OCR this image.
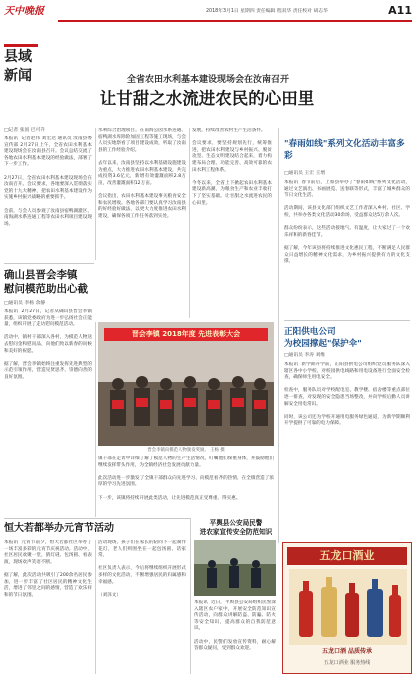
天中晚报	2018年3月1日 星期四 责任编辑 程双华 责任校对 胡志华	A11
县域
新闻	全省农田水利基本建设现场会在汝南召开
让甘甜之水流进农民的心田里
□记者 张国 巴可升
本报讯  记者赵伟 刘宏达 通讯员 汝南县委宣传部 2月27日上午，全省农田水利基本建设现场会在汝南县召开。会议总结交流了各地农田水利基本建设的经验做法，部署了下一步工作。

2月27日，全省农田水利基本建设现场会在汝南召开。会议要求，各地要深入贯彻落实党的十九大精神，把农田水利基本建设作为实施乡村振兴战略的重要抓手。

会前，与会人员参观了汝南县宿鸭湖灌区、南海湖水系连通工程等农田水利项目建设现场。
水利综合治理项目。在南海公园水系连通、宿鸭湖水库除险加固工程等施工现场，与会人员实地察看了项目建设成效，听取了汝南县的工作经验介绍。

去年以来，汝南县坚持以水利基础设施建设为重点，大力推进农田水利基本建设，共完成投资3.6亿元，新增有效灌溉面积2.8万亩，改善灌溉面积12万亩。

会议指出，农田水利基本建设事关粮食安全和农民增收。各地各部门要认真学习汝南县的好经验好做法，以更大力度推进农田水利建设，确保各项工作任务落到实处。
发展，持续改善农村生产生活条件。

会议要求，要坚持规划先行，统筹推进，把农田水利建设与乡村振兴、脱贫攻坚、生态文明建设结合起来，着力构建布局合理、功能完善、高效可靠的农田水利工程体系。

今冬以来，全省上下掀起农田水利基本建设新高潮，为粮食生产和农业丰收打下了坚实基础。让甘甜之水流进农民的心田里。
确山县晋会李镇
慰问模范助出心截
□通讯员 李杨 余静
本报讯  2月27日，记者从确山县晋会李镇获悉，该镇党委政府为进一步弘扬社会正能量，组织开展了走访慰问模范活动。

活动中，镇村干部深入各村，为模范人物送去慰问金和慰问品，向他们致以新春的问候和美好的祝愿。

据了解，晋会李镇始终注重发挥先进典型的示范引领作用，营造见贤思齐、崇德向善的良好氛围。
晋会李镇 2018年度 先进表彰大会
晋会李镇向模范人物颁发奖励。 王杨 摄
镇干部在走访中详细了解了模范人物的生产生活情况，叮嘱他们保重身体，并鼓励他们继续发挥带头作用，为全镇经济社会发展贡献力量。

此次活动进一步激发了全镇干部群众向先进学习、向模范看齐的热情，在全镇营造了浓厚的学习先进氛围。

下一步，该镇将持续开展此类活动，让先进模范真正受尊重、得实惠。
恒大若都举办元宵节活动
本报讯  元宵节前夕，恒大若都社区举办了一场丰富多彩的元宵节庆祝活动。活动中，社区居民欢聚一堂，猜灯谜、包汤圆、看表演，现场欢声笑语不断。

据了解，此次活动共吸引了200余名居民参加，进一步丰富了社区居民的精神文化生活，增进了邻里之间的感情，营造了欢乐祥和的节日氛围。
活动现场，孩子们在家长的陪同下一起制作花灯，老人们则围坐在一起包汤圆、话家常。

社区负责人表示，今后将继续组织开展形式多样的文化活动，不断增强居民的归属感和幸福感。

（刘泽文）
平舆县公安局民警
进农家宣传安全防范知识
本报讯  近日，平舆县公安局组织民警深入辖区农户家中，开展安全防范知识宣传活动，向群众讲解防盗、防骗、防火等安全知识，提高群众的自我防范意识。

活动中，民警们发放宣传资料，耐心解答群众疑问，受到群众欢迎。
"春雨如线"系列文化活动丰富多彩
□通讯员 王宏 王增
本报讯  春节前后，上蔡县举办了"春雨如线"系列文化活动，通过文艺演出、书画展览、送春联等形式，丰富了城乡群众的节日文化生活。

活动期间，该县文化部门组织文艺工作者深入乡村、社区、学校，共举办各类文化活动30余场，受益群众达5万余人次。

群众纷纷表示，这些活动接地气、有温度，让大家过了一个欢乐祥和的新春佳节。

据了解，今年该县将持续推进文化惠民工程，不断满足人民群众日益增长的精神文化需求，为乡村振兴提供有力的文化支撑。
正阳供电公司
为校园撑起"保护伞"
□通讯员 李涛 刘维
本报讯  新学期开学前，正阳县供电公司组织党员服务队深入辖区各中小学校，对校园供电线路和用电设备进行全面安全检查，确保师生用电安全。

检查中，服务队员对学校配电室、教学楼、宿舍楼等重点部位逐一排查，对发现的安全隐患当场整改，并向学校后勤人员讲解安全用电常识。

同时，该公司还为学校开通用电服务绿色通道，为新学期顺利开学提供了可靠的电力保障。
五龙口酒业
五龙口酒 品质传承
五龙口酒业 服务热线
